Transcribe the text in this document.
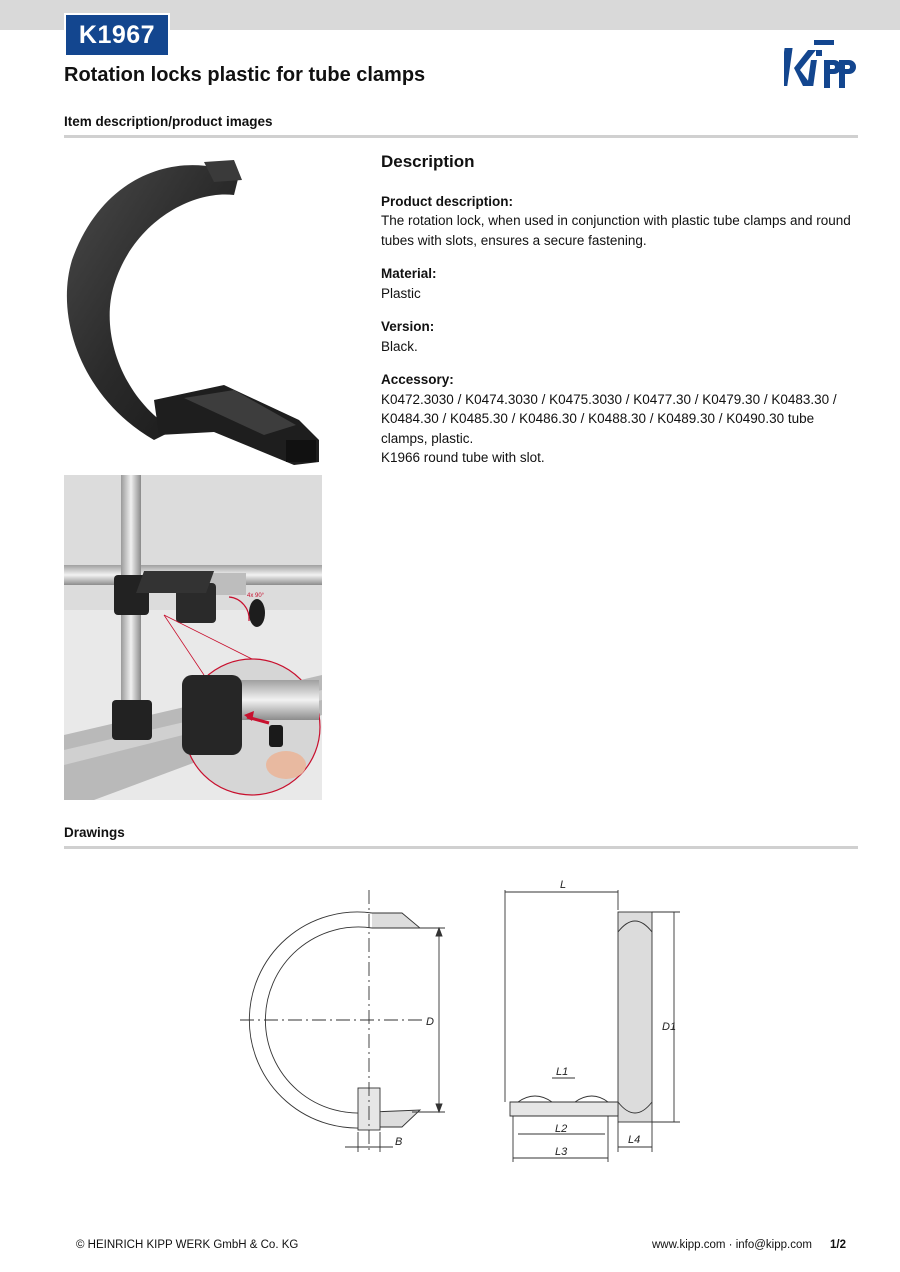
K1967
Rotation locks plastic for tube clamps
Kipp
Item description/product images
4x 90°
Description
Product description:

The rotation lock, when used in conjunction with plastic tube clamps and round tubes with slots, ensures a secure fastening.

Material:

Plastic

Version:

Black.

Accessory:
K0472.3030 / K0474.3030 / K0475.3030 / K0477.30 / K0479.30 / K0483.30 / K0484.30 / K0485.30 / K0486.30 / K0488.30 / K0489.30 / K0490.30 tube clamps, plastic.
K1966 round tube with slot.
Drawings
D
B
L
D1
L1
L2
L3
L4
© HEINRICH KIPP WERK GmbH & Co. KG	www.kipp.com · info@kipp.com 1/2
